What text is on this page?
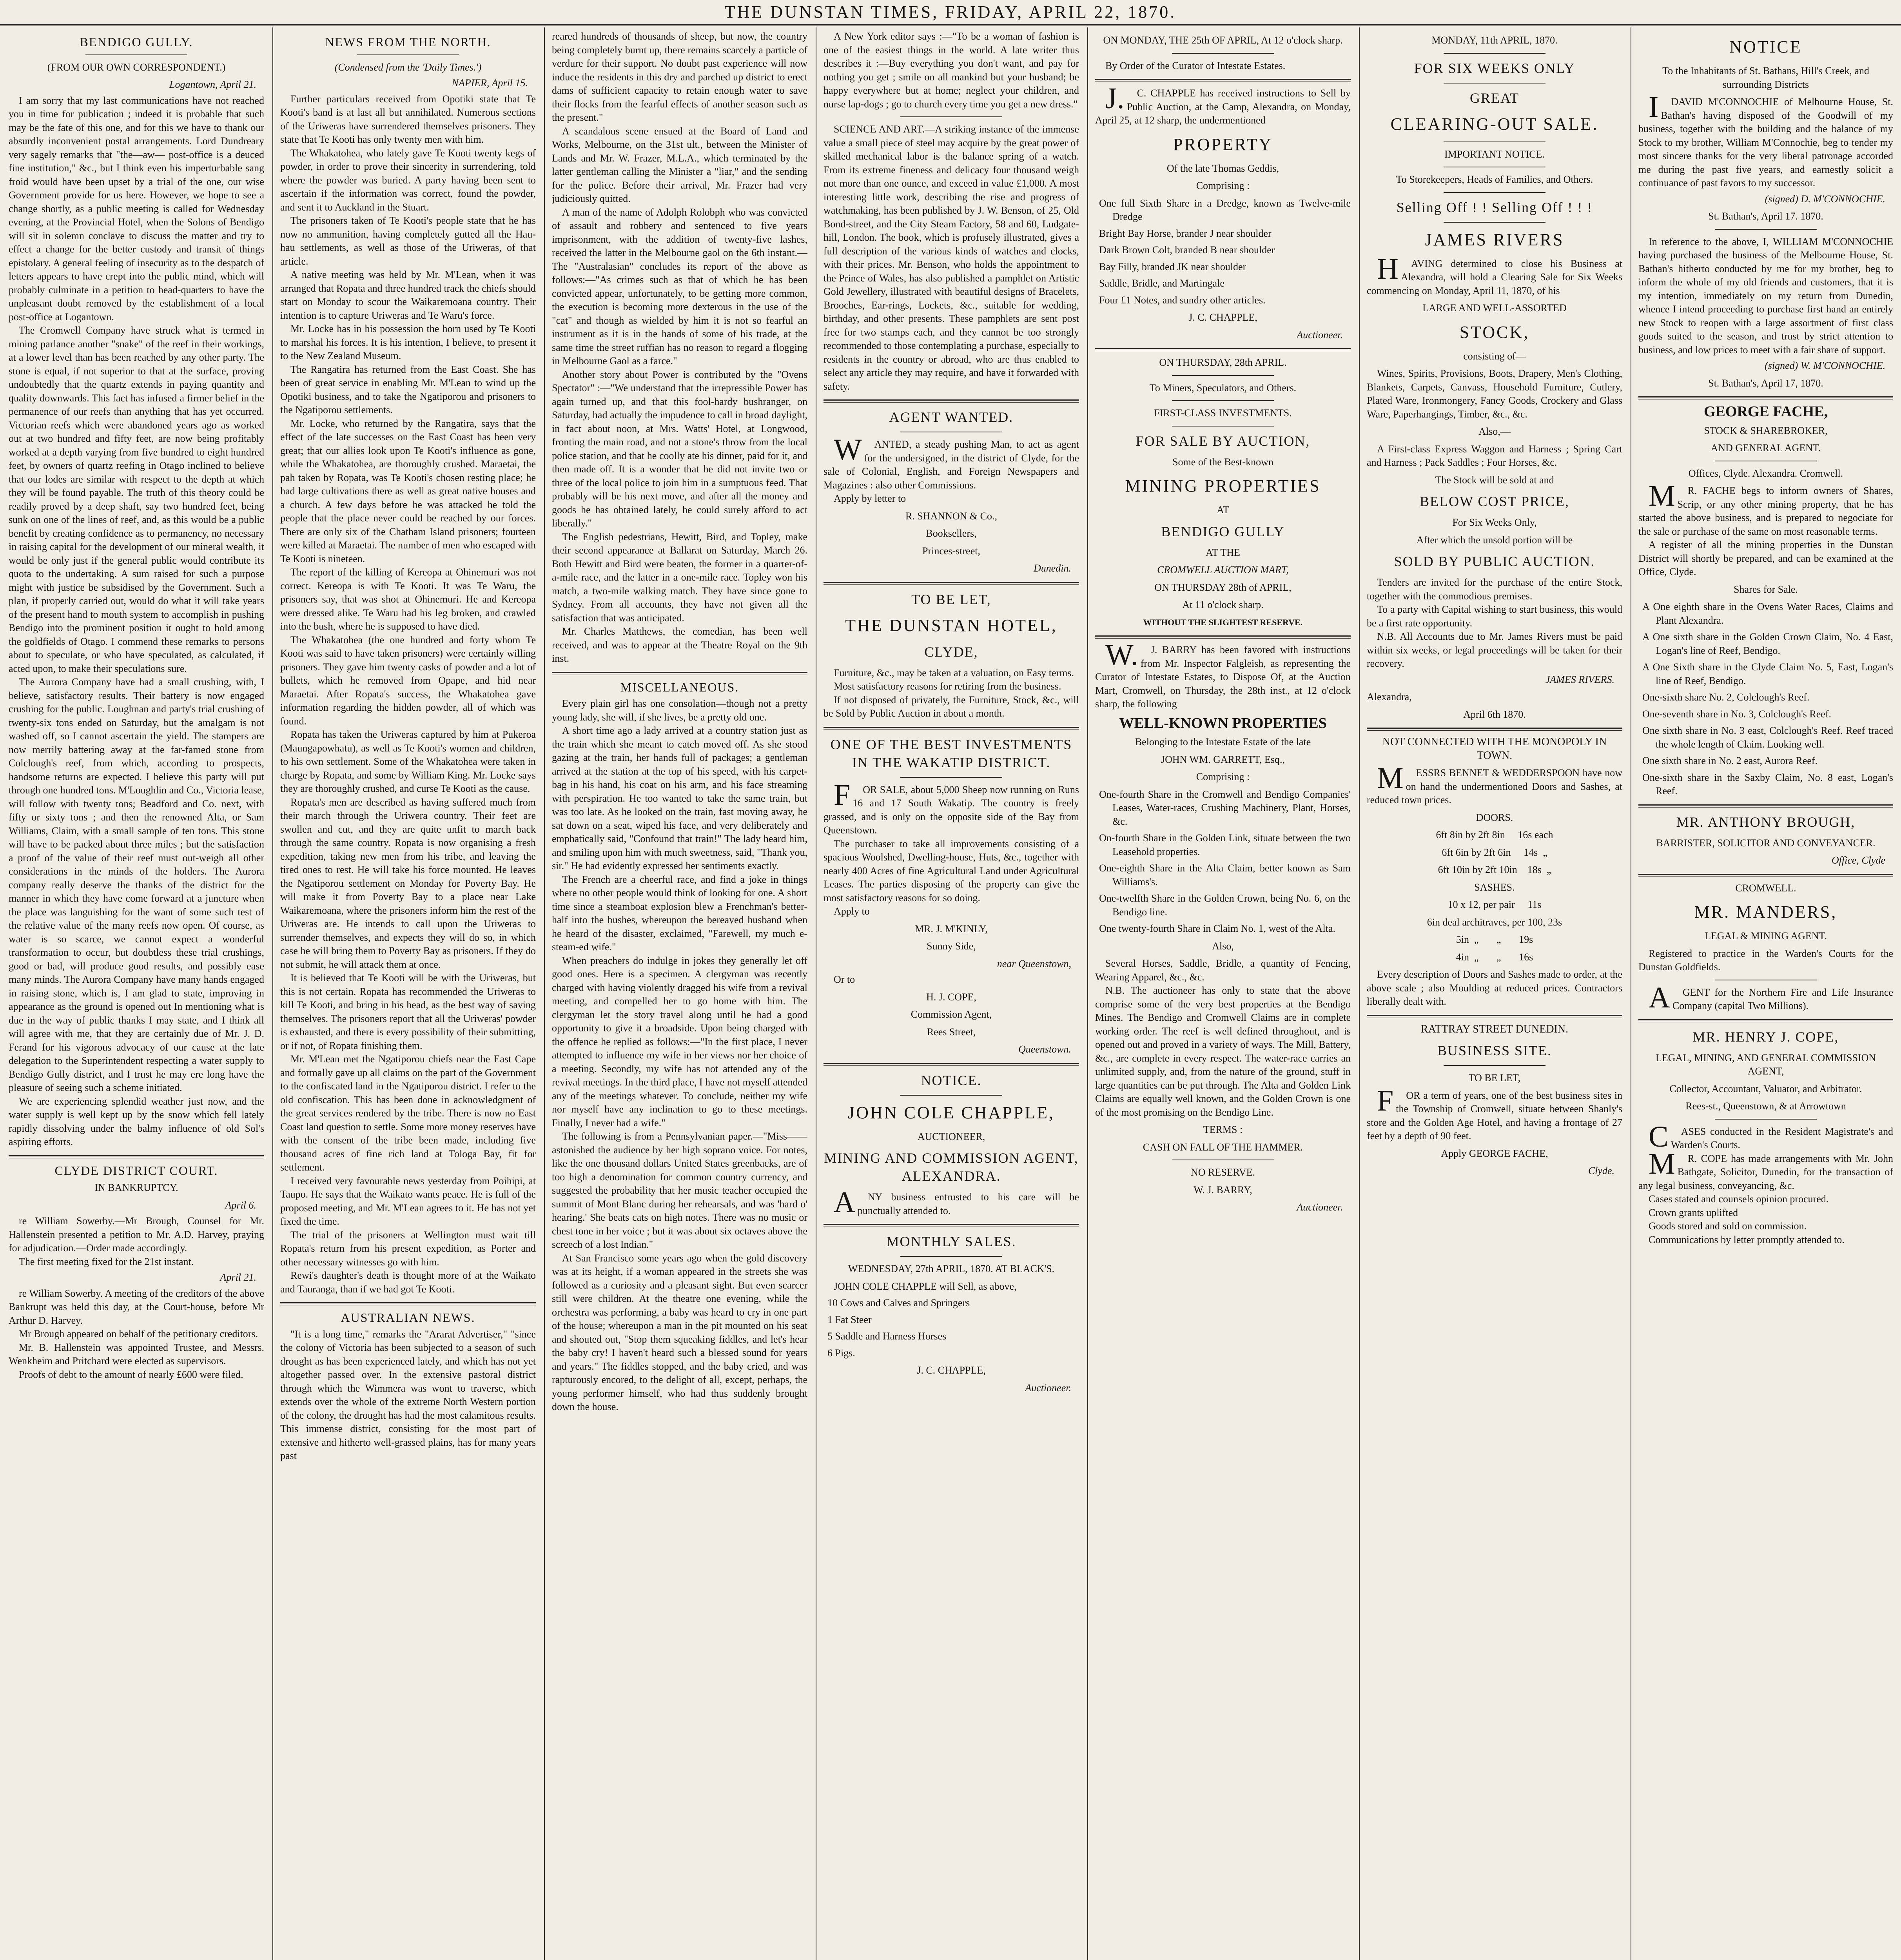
THE DUNSTAN TIMES, FRIDAY, APRIL 22, 1870.
BENDIGO GULLY.
(FROM OUR OWN CORRESPONDENT.)
Logantown, April 21.

I am sorry that my last communications have not reached you in time for publication ; indeed it is probable that such may be the fate of this one, and for this we have to thank our absurdly inconvenient postal arrangements. Lord Dundreary very sagely remarks that "the—aw— post-office is a deuced fine institution," &c., but I think even his imperturbable sang froid would have been upset by a trial of the one, our wise Government provide for us here. However, we hope to see a change shortly, as a public meeting is called for Wednesday evening, at the Provincial Hotel, when the Solons of Bendigo will sit in solemn conclave to discuss the matter and try to effect a change for the better custody and transit of things epistolary. A general feeling of insecurity as to the despatch of letters appears to have crept into the public mind, which will probably culminate in a petition to head-quarters to have the unpleasant doubt removed by the establishment of a local post-office at Logantown.

The Cromwell Company have struck what is termed in mining parlance another "snake" of the reef in their workings, at a lower level than has been reached by any other party. The stone is equal, if not superior to that at the surface, proving undoubtedly that the quartz extends in paying quantity and quality downwards. This fact has infused a firmer belief in the permanence of our reefs than anything that has yet occurred. Victorian reefs which were abandoned years ago as worked out at two hundred and fifty feet, are now being profitably worked at a depth varying from five hundred to eight hundred feet, by owners of quartz reefing in Otago inclined to believe that our lodes are similar with respect to the depth at which they will be found payable. The truth of this theory could be readily proved by a deep shaft, say two hundred feet, being sunk on one of the lines of reef, and, as this would be a public benefit by creating confidence as to permanency, no necessary in raising capital for the development of our mineral wealth, it would be only just if the general public would contribute its quota to the undertaking. A sum raised for such a purpose might with justice be subsidised by the Government. Such a plan, if properly carried out, would do what it will take years of the present hand to mouth system to accomplish in pushing Bendigo into the prominent position it ought to hold among the goldfields of Otago. I commend these remarks to persons about to speculate, or who have speculated, as calculated, if acted upon, to make their speculations sure.

The Aurora Company have had a small crushing, with, I believe, satisfactory results. Their battery is now engaged crushing for the public. Loughnan and party's trial crushing of twenty-six tons ended on Saturday, but the amalgam is not washed off, so I cannot ascertain the yield. The stampers are now merrily battering away at the far-famed stone from Colclough's reef, from which, according to prospects, handsome returns are expected. I believe this party will put through one hundred tons. M'Loughlin and Co., Victoria lease, will follow with twenty tons; Beadford and Co. next, with fifty or sixty tons ; and then the renowned Alta, or Sam Williams, Claim, with a small sample of ten tons. This stone will have to be packed about three miles ; but the satisfaction a proof of the value of their reef must out-weigh all other considerations in the minds of the holders. The Aurora company really deserve the thanks of the district for the manner in which they have come forward at a juncture when the place was languishing for the want of some such test of the relative value of the many reefs now open. Of course, as water is so scarce, we cannot expect a wonderful transformation to occur, but doubtless these trial crushings, good or bad, will produce good results, and possibly ease many minds. The Aurora Company have many hands engaged in raising stone, which is, I am glad to state, improving in appearance as the ground is opened out In mentioning what is due in the way of public thanks I may state, and I think all will agree with me, that they are certainly due of Mr. J. D. Ferand for his vigorous advocacy of our cause at the late delegation to the Superintendent respecting a water supply to Bendigo Gully district, and I trust he may ere long have the pleasure of seeing such a scheme initiated.

We are experiencing splendid weather just now, and the water supply is well kept up by the snow which fell lately rapidly dissolving under the balmy influence of old Sol's aspiring efforts.

CLYDE DISTRICT COURT.
IN BANKRUPTCY.
April 6.

re William Sowerby.—Mr Brough, Counsel for Mr. Hallenstein presented a petition to Mr. A.D. Harvey, praying for adjudication.—Order made accordingly.

The first meeting fixed for the 21st instant.

April 21.

re William Sowerby. A meeting of the creditors of the above Bankrupt was held this day, at the Court-house, before Mr Arthur D. Harvey.

Mr Brough appeared on behalf of the petitionary creditors.

Mr. B. Hallenstein was appointed Trustee, and Messrs. Wenkheim and Pritchard were elected as supervisors.

Proofs of debt to the amount of nearly £600 were filed.

NEWS FROM THE NORTH.
(Condensed from the 'Daily Times.')
NAPIER, April 15.

Further particulars received from Opotiki state that Te Kooti's band is at last all but annihilated. Numerous sections of the Uriweras have surrendered themselves prisoners. They state that Te Kooti has only twenty men with him.

The Whakatohea, who lately gave Te Kooti twenty kegs of powder, in order to prove their sincerity in surrendering, told where the powder was buried. A party having been sent to ascertain if the information was correct, found the powder, and sent it to Auckland in the Stuart.

The prisoners taken of Te Kooti's people state that he has now no ammunition, having completely gutted all the Hau-hau settlements, as well as those of the Uriweras, of that article.

A native meeting was held by Mr. M'Lean, when it was arranged that Ropata and three hundred track the chiefs should start on Monday to scour the Waikaremoana country. Their intention is to capture Uriweras and Te Waru's force.

Mr. Locke has in his possession the horn used by Te Kooti to marshal his forces. It is his intention, I believe, to present it to the New Zealand Museum.

The Rangatira has returned from the East Coast. She has been of great service in enabling Mr. M'Lean to wind up the Opotiki business, and to take the Ngatiporou and prisoners to the Ngatiporou settlements.

Mr. Locke, who returned by the Rangatira, says that the effect of the late successes on the East Coast has been very great; that our allies look upon Te Kooti's influence as gone, while the Whakatohea, are thoroughly crushed. Maraetai, the pah taken by Ropata, was Te Kooti's chosen resting place; he had large cultivations there as well as great native houses and a church. A few days before he was attacked he told the people that the place never could be reached by our forces. There are only six of the Chatham Island prisoners; fourteen were killed at Maraetai. The number of men who escaped with Te Kooti is nineteen.

The report of the killing of Kereopa at Ohinemuri was not correct. Kereopa is with Te Kooti. It was Te Waru, the prisoners say, that was shot at Ohinemuri. He and Kereopa were dressed alike. Te Waru had his leg broken, and crawled into the bush, where he is supposed to have died.

The Whakatohea (the one hundred and forty whom Te Kooti was said to have taken prisoners) were certainly willing prisoners. They gave him twenty casks of powder and a lot of bullets, which he removed from Opape, and hid near Maraetai. After Ropata's success, the Whakatohea gave information regarding the hidden powder, all of which was found.

Ropata has taken the Uriweras captured by him at Pukeroa (Maungapowhatu), as well as Te Kooti's women and children, to his own settlement. Some of the Whakatohea were taken in charge by Ropata, and some by William King. Mr. Locke says they are thoroughly crushed, and curse Te Kooti as the cause.

Ropata's men are described as having suffered much from their march through the Uriwera country. Their feet are swollen and cut, and they are quite unfit to march back through the same country. Ropata is now organising a fresh expedition, taking new men from his tribe, and leaving the tired ones to rest. He will take his force mounted. He leaves the Ngatiporou settlement on Monday for Poverty Bay. He will make it from Poverty Bay to a place near Lake Waikaremoana, where the prisoners inform him the rest of the Uriweras are. He intends to call upon the Uriweras to surrender themselves, and expects they will do so, in which case he will bring them to Poverty Bay as prisoners. If they do not submit, he will attack them at once.

It is believed that Te Kooti will be with the Uriweras, but this is not certain. Ropata has recommended the Uriweras to kill Te Kooti, and bring in his head, as the best way of saving themselves. The prisoners report that all the Uriweras' powder is exhausted, and there is every possibility of their submitting, or if not, of Ropata finishing them.

Mr. M'Lean met the Ngatiporou chiefs near the East Cape and formally gave up all claims on the part of the Government to the confiscated land in the Ngatiporou district. I refer to the old confiscation. This has been done in acknowledgment of the great services rendered by the tribe. There is now no East Coast land question to settle. Some more money reserves have with the consent of the tribe been made, including five thousand acres of fine rich land at Tologa Bay, fit for settlement.

I received very favourable news yesterday from Poihipi, at Taupo. He says that the Waikato wants peace. He is full of the proposed meeting, and Mr. M'Lean agrees to it. He has not yet fixed the time.

The trial of the prisoners at Wellington must wait till Ropata's return from his present expedition, as Porter and other necessary witnesses go with him.

Rewi's daughter's death is thought more of at the Waikato and Tauranga, than if we had got Te Kooti.

AUSTRALIAN NEWS.

"It is a long time," remarks the "Ararat Advertiser," "since the colony of Victoria has been subjected to a season of such drought as has been experienced lately, and which has not yet altogether passed over. In the extensive pastoral district through which the Wimmera was wont to traverse, which extends over the whole of the extreme North Western portion of the colony, the drought has had the most calamitous results. This immense district, consisting for the most part of extensive and hitherto well-grassed plains, has for many years past

reared hundreds of thousands of sheep, but now, the country being completely burnt up, there remains scarcely a particle of verdure for their support. No doubt past experience will now induce the residents in this dry and parched up district to erect dams of sufficient capacity to retain enough water to save their flocks from the fearful effects of another season such as the present."

A scandalous scene ensued at the Board of Land and Works, Melbourne, on the 31st ult., between the Minister of Lands and Mr. W. Frazer, M.L.A., which terminated by the latter gentleman calling the Minister a "liar," and the sending for the police. Before their arrival, Mr. Frazer had very judiciously quitted.

A man of the name of Adolph Rolobph who was convicted of assault and robbery and sentenced to five years imprisonment, with the addition of twenty-five lashes, received the latter in the Melbourne gaol on the 6th instant.—The "Australasian" concludes its report of the above as follows:—"As crimes such as that of which he has been convicted appear, unfortunately, to be getting more common, the execution is becoming more dexterous in the use of the "cat" and though as wielded by him it is not so fearful an instrument as it is in the hands of some of his trade, at the same time the street ruffian has no reason to regard a flogging in Melbourne Gaol as a farce."

Another story about Power is contributed by the "Ovens Spectator" :—"We understand that the irrepressible Power has again turned up, and that this fool-hardy bushranger, on Saturday, had actually the impudence to call in broad daylight, in fact about noon, at Mrs. Watts' Hotel, at Longwood, fronting the main road, and not a stone's throw from the local police station, and that he coolly ate his dinner, paid for it, and then made off. It is a wonder that he did not invite two or three of the local police to join him in a sumptuous feed. That probably will be his next move, and after all the money and goods he has obtained lately, he could surely afford to act liberally."

The English pedestrians, Hewitt, Bird, and Topley, make their second appearance at Ballarat on Saturday, March 26. Both Hewitt and Bird were beaten, the former in a quarter-of-a-mile race, and the latter in a one-mile race. Topley won his match, a two-mile walking match. They have since gone to Sydney. From all accounts, they have not given all the satisfaction that was anticipated.

Mr. Charles Matthews, the comedian, has been well received, and was to appear at the Theatre Royal on the 9th inst.

MISCELLANEOUS.

Every plain girl has one consolation—though not a pretty young lady, she will, if she lives, be a pretty old one.

A short time ago a lady arrived at a country station just as the train which she meant to catch moved off. As she stood gazing at the train, her hands full of packages; a gentleman arrived at the station at the top of his speed, with his carpet-bag in his hand, his coat on his arm, and his face streaming with perspiration. He too wanted to take the same train, but was too late. As he looked on the train, fast moving away, he sat down on a seat, wiped his face, and very deliberately and emphatically said, "Confound that train!" The lady heard him, and smiling upon him with much sweetness, said, "Thank you, sir." He had evidently expressed her sentiments exactly.

The French are a cheerful race, and find a joke in things where no other people would think of looking for one. A short time since a steamboat explosion blew a Frenchman's better-half into the bushes, whereupon the bereaved husband when he heard of the disaster, exclaimed, "Farewell, my much e-steam-ed wife."

When preachers do indulge in jokes they generally let off good ones. Here is a specimen. A clergyman was recently charged with having violently dragged his wife from a revival meeting, and compelled her to go home with him. The clergyman let the story travel along until he had a good opportunity to give it a broadside. Upon being charged with the offence he replied as follows:—"In the first place, I never attempted to influence my wife in her views nor her choice of a meeting. Secondly, my wife has not attended any of the revival meetings. In the third place, I have not myself attended any of the meetings whatever. To conclude, neither my wife nor myself have any inclination to go to these meetings. Finally, I never had a wife."

The following is from a Pennsylvanian paper.—"Miss——astonished the audience by her high soprano voice. For notes, like the one thousand dollars United States greenbacks, are of too high a denomination for common country currency, and suggested the probability that her music teacher occupied the summit of Mont Blanc during her rehearsals, and was 'hard o' hearing.' She beats cats on high notes. There was no music or chest tone in her voice ; but it was about six octaves above the screech of a lost Indian."

At San Francisco some years ago when the gold discovery was at its height, if a woman appeared in the streets she was followed as a curiosity and a pleasant sight. But even scarcer still were children. At the theatre one evening, while the orchestra was performing, a baby was heard to cry in one part of the house; whereupon a man in the pit mounted on his seat and shouted out, "Stop them squeaking fiddles, and let's hear the baby cry! I haven't heard such a blessed sound for years and years." The fiddles stopped, and the baby cried, and was rapturously encored, to the delight of all, except, perhaps, the young performer himself, who had thus suddenly brought down the house.

A New York editor says :—"To be a woman of fashion is one of the easiest things in the world. A late writer thus describes it :—Buy everything you don't want, and pay for nothing you get ; smile on all mankind but your husband; be happy everywhere but at home; neglect your children, and nurse lap-dogs ; go to church every time you get a new dress."

SCIENCE AND ART.—A striking instance of the immense value a small piece of steel may acquire by the great power of skilled mechanical labor is the balance spring of a watch. From its extreme fineness and delicacy four thousand weigh not more than one ounce, and exceed in value £1,000. A most interesting little work, describing the rise and progress of watchmaking, has been published by J. W. Benson, of 25, Old Bond-street, and the City Steam Factory, 58 and 60, Ludgate-hill, London. The book, which is profusely illustrated, gives a full description of the various kinds of watches and clocks, with their prices. Mr. Benson, who holds the appointment to the Prince of Wales, has also published a pamphlet on Artistic Gold Jewellery, illustrated with beautiful designs of Bracelets, Brooches, Ear-rings, Lockets, &c., suitable for wedding, birthday, and other presents. These pamphlets are sent post free for two stamps each, and they cannot be too strongly recommended to those contemplating a purchase, especially to residents in the country or abroad, who are thus enabled to select any article they may require, and have it forwarded with safety.

AGENT WANTED.

WANTED, a steady pushing Man, to act as agent for the undersigned, in the district of Clyde, for the sale of Colonial, English, and Foreign Newspapers and Magazines : also other Commissions.

Apply by letter to

R. SHANNON & Co.,
Booksellers,
Princes-street,
Dunedin.
TO BE LET,
THE DUNSTAN HOTEL,
CLYDE,

Furniture, &c., may be taken at a valuation, on Easy terms.

Most satisfactory reasons for retiring from the business.

If not disposed of privately, the Furniture, Stock, &c., will be Sold by Public Auction in about a month.

ONE OF THE BEST INVESTMENTS IN THE WAKATIP DISTRICT.

FOR SALE, about 5,000 Sheep now running on Runs 16 and 17 South Wakatip. The country is freely grassed, and is only on the opposite side of the Bay from Queenstown.

The purchaser to take all improvements consisting of a spacious Woolshed, Dwelling-house, Huts, &c., together with nearly 400 Acres of fine Agricultural Land under Agricultural Leases. The parties disposing of the property can give the most satisfactory reasons for so doing.

Apply to

MR. J. M'KINLY,
Sunny Side,
near Queenstown,

Or to

H. J. COPE,
Commission Agent,
Rees Street,
Queenstown.
NOTICE.
JOHN COLE CHAPPLE,
AUCTIONEER,
MINING AND COMMISSION AGENT, ALEXANDRA.

ANY business entrusted to his care will be punctually attended to.

MONTHLY SALES.
WEDNESDAY, 27th APRIL, 1870. AT BLACK'S.

JOHN COLE CHAPPLE will Sell, as above,

10 Cows and Calves and Springers
1 Fat Steer
5 Saddle and Harness Horses
6 Pigs.
J. C. CHAPPLE,
Auctioneer.
ON MONDAY, THE 25th OF APRIL, At 12 o'clock sharp.

By Order of the Curator of Intestate Estates.

J.C. CHAPPLE has received instructions to Sell by Public Auction, at the Camp, Alexandra, on Monday, April 25, at 12 sharp, the undermentioned

PROPERTY
Of the late Thomas Geddis,
Comprising :
One full Sixth Share in a Dredge, known as Twelve-mile Dredge
Bright Bay Horse, brander J near shoulder
Dark Brown Colt, branded B near shoulder
Bay Filly, branded JK near shoulder
Saddle, Bridle, and Martingale
Four £1 Notes, and sundry other articles.
J. C. CHAPPLE,
Auctioneer.
ON THURSDAY, 28th APRIL.
To Miners, Speculators, and Others.
FIRST-CLASS INVESTMENTS.
FOR SALE BY AUCTION,
Some of the Best-known
MINING PROPERTIES
AT
BENDIGO GULLY
AT THE
CROMWELL AUCTION MART,
ON THURSDAY 28th of APRIL,
At 11 o'clock sharp.
WITHOUT THE SLIGHTEST RESERVE.

W.J. BARRY has been favored with instructions from Mr. Inspector Falgleish, as representing the Curator of Intestate Estates, to Dispose Of, at the Auction Mart, Cromwell, on Thursday, the 28th inst., at 12 o'clock sharp, the following

WELL-KNOWN PROPERTIES
Belonging to the Intestate Estate of the late
JOHN WM. GARRETT, Esq.,
Comprising :
One-fourth Share in the Cromwell and Bendigo Companies' Leases, Water-races, Crushing Machinery, Plant, Horses, &c.
On-fourth Share in the Golden Link, situate between the two Leasehold properties.
One-eighth Share in the Alta Claim, better known as Sam Williams's.
One-twelfth Share in the Golden Crown, being No. 6, on the Bendigo line.
One twenty-fourth Share in Claim No. 1, west of the Alta.
Also,

Several Horses, Saddle, Bridle, a quantity of Fencing, Wearing Apparel, &c., &c.

N.B. The auctioneer has only to state that the above comprise some of the very best properties at the Bendigo Mines. The Bendigo and Cromwell Claims are in complete working order. The reef is well defined throughout, and is opened out and proved in a variety of ways. The Mill, Battery, &c., are complete in every respect. The water-race carries an unlimited supply, and, from the nature of the ground, stuff in large quantities can be put through. The Alta and Golden Link Claims are equally well known, and the Golden Crown is one of the most promising on the Bendigo Line.

TERMS :
CASH ON FALL OF THE HAMMER.
NO RESERVE.
W. J. BARRY,
Auctioneer.
MONDAY, 11th APRIL, 1870.
FOR SIX WEEKS ONLY
GREAT
CLEARING-OUT SALE.
IMPORTANT NOTICE.
To Storekeepers, Heads of Families, and Others.
Selling Off ! ! Selling Off ! ! !
JAMES RIVERS

HAVING determined to close his Business at Alexandra, will hold a Clearing Sale for Six Weeks commencing on Monday, April 11, 1870, of his

LARGE AND WELL-ASSORTED
STOCK,
consisting of—

Wines, Spirits, Provisions, Boots, Drapery, Men's Clothing, Blankets, Carpets, Canvass, Household Furniture, Cutlery, Plated Ware, Ironmongery, Fancy Goods, Crockery and Glass Ware, Paperhangings, Timber, &c., &c.

Also,—

A First-class Express Waggon and Harness ; Spring Cart and Harness ; Pack Saddles ; Four Horses, &c.

The Stock will be sold at and
BELOW COST PRICE,
For Six Weeks Only,
After which the unsold portion will be
SOLD BY PUBLIC AUCTION.

Tenders are invited for the purchase of the entire Stock, together with the commodious premises.

To a party with Capital wishing to start business, this would be a first rate opportunity.

N.B. All Accounts due to Mr. James Rivers must be paid within six weeks, or legal proceedings will be taken for their recovery.

JAMES RIVERS.
Alexandra,
April 6th 1870.
NOT CONNECTED WITH THE MONOPOLY IN TOWN.

MESSRS BENNET & WEDDERSPOON have now on hand the undermentioned Doors and Sashes, at reduced town prices.

DOORS.
6ft 8in by 2ft 8in     16s each
6ft 6in by 2ft 6in     14s  „
6ft 10in by 2ft 10in    18s  „
SASHES.
10 x 12, per pair     11s
6in deal architraves, per 100, 23s
5in  „       „       19s
4in  „       „       16s

Every description of Doors and Sashes made to order, at the above scale ; also Moulding at reduced prices. Contractors liberally dealt with.

RATTRAY STREET DUNEDIN.
BUSINESS SITE.
TO BE LET,

FOR a term of years, one of the best business sites in the Township of Cromwell, situate between Shanly's store and the Golden Age Hotel, and having a frontage of 27 feet by a depth of 90 feet.

Apply GEORGE FACHE,
Clyde.
NOTICE
To the Inhabitants of St. Bathans, Hill's Creek, and surrounding Districts

IDAVID M'CONNOCHIE of Melbourne House, St. Bathan's having disposed of the Goodwill of my business, together with the building and the balance of my Stock to my brother, William M'Connochie, beg to tender my most sincere thanks for the very liberal patronage accorded me during the past five years, and earnestly solicit a continuance of past favors to my successor.

(signed) D. M'CONNOCHIE.
St. Bathan's, April 17. 1870.

In reference to the above, I, WILLIAM M'CONNOCHIE having purchased the business of the Melbourne House, St. Bathan's hitherto conducted by me for my brother, beg to inform the whole of my old friends and customers, that it is my intention, immediately on my return from Dunedin, whence I intend proceeding to purchase first hand an entirely new Stock to reopen with a large assortment of first class goods suited to the season, and trust by strict attention to business, and low prices to meet with a fair share of support.

(signed) W. M'CONNOCHIE.
St. Bathan's, April 17, 1870.
GEORGE FACHE,
STOCK & SHAREBROKER,
AND GENERAL AGENT.
Offices, Clyde. Alexandra. Cromwell.

MR. FACHE begs to inform owners of Shares, Scrip, or any other mining property, that he has started the above business, and is prepared to negociate for the sale or purchase of the same on most reasonable terms.

A register of all the mining properties in the Dunstan District will shortly be prepared, and can be examined at the Office, Clyde.

Shares for Sale.
A One eighth share in the Ovens Water Races, Claims and Plant Alexandra.
A One sixth share in the Golden Crown Claim, No. 4 East, Logan's line of Reef, Bendigo.
A One Sixth share in the Clyde Claim No. 5, East, Logan's line of Reef, Bendigo.
One-sixth share No. 2, Colclough's Reef.
One-seventh share in No. 3, Colclough's Reef.
One sixth share in No. 3 east, Colclough's Reef. Reef traced the whole length of Claim. Looking well.
One sixth share in No. 2 east, Aurora Reef.
One-sixth share in the Saxby Claim, No. 8 east, Logan's Reef.
MR. ANTHONY BROUGH,
BARRISTER, SOLICITOR AND CONVEYANCER.
Office, Clyde
CROMWELL.
MR. MANDERS,
LEGAL & MINING AGENT.

Registered to practice in the Warden's Courts for the Dunstan Goldfields.

AGENT for the Northern Fire and Life Insurance Company (capital Two Millions).

MR. HENRY J. COPE,
LEGAL, MINING, AND GENERAL COMMISSION AGENT,
Collector, Accountant, Valuator, and Arbitrator.
Rees-st., Queenstown, & at Arrowtown

CASES conducted in the Resident Magistrate's and Warden's Courts.

MR. COPE has made arrangements with Mr. John Bathgate, Solicitor, Dunedin, for the transaction of any legal business, conveyancing, &c.

Cases stated and counsels opinion procured.

Crown grants uplifted

Goods stored and sold on commission.

Communications by letter promptly attended to.
